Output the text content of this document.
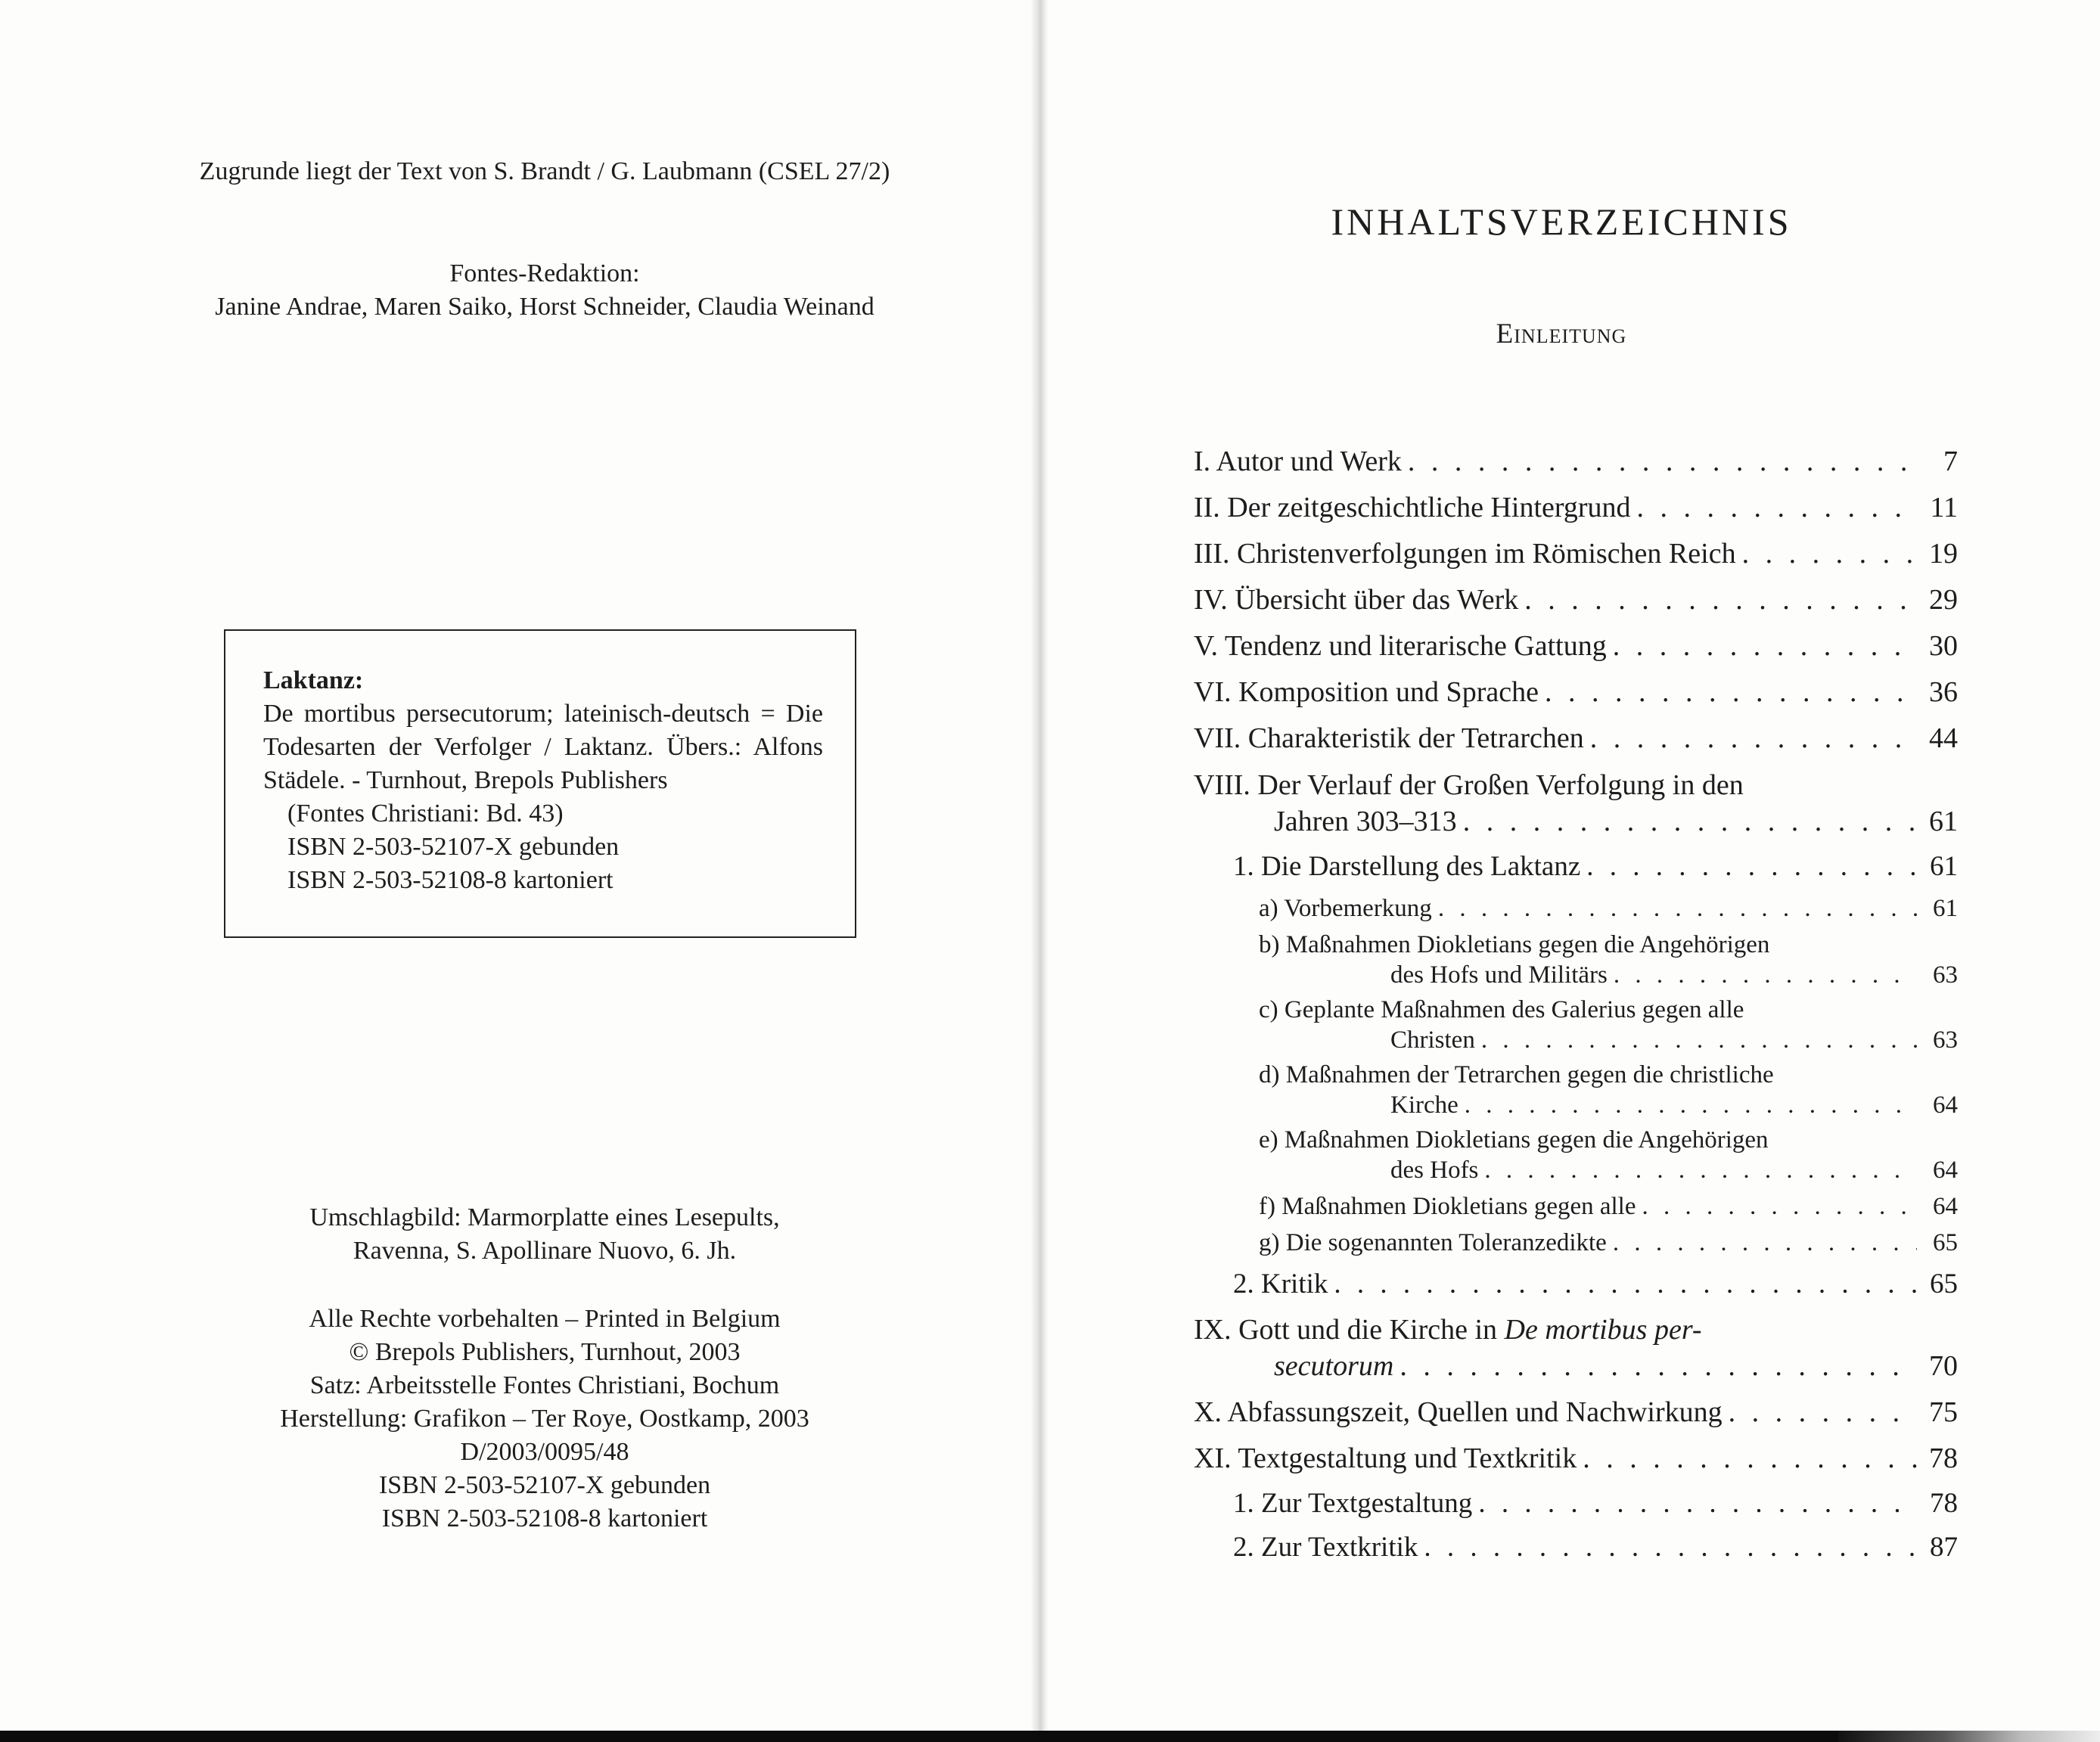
Zugrunde liegt der Text von S. Brandt / G. Laubmann (CSEL 27/2)
Fontes-Redaktion:
Janine Andrae, Maren Saiko, Horst Schneider, Claudia Weinand
Laktanz:
De mortibus persecutorum; lateinisch-deutsch = Die Todesarten der Verfolger / Laktanz. Übers.: Alfons Städele. - Turnhout, Brepols Publishers
(Fontes Christiani: Bd. 43)
ISBN 2-503-52107-X gebunden
ISBN 2-503-52108-8 kartoniert
Umschlagbild: Marmorplatte eines Lesepults,
Ravenna, S. Apollinare Nuovo, 6. Jh.
Alle Rechte vorbehalten – Printed in Belgium
© Brepols Publishers, Turnhout, 2003
Satz: Arbeitsstelle Fontes Christiani, Bochum
Herstellung: Grafikon – Ter Roye, Oostkamp, 2003
D/2003/0095/48
ISBN 2-503-52107-X gebunden
ISBN 2-503-52108-8 kartoniert
INHALTSVERZEICHNIS
Einleitung
I. Autor und Werk . . .	7
II. Der zeitgeschichtliche Hintergrund . . .	11
III. Christenverfolgungen im Römischen Reich . . .	19
IV. Übersicht über das Werk . . .	29
V. Tendenz und literarische Gattung . . .	30
VI. Komposition und Sprache . . .	36
VII. Charakteristik der Tetrarchen . . .	44
VIII. Der Verlauf der Großen Verfolgung in den
Jahren 303–313 . . .	61
1. Die Darstellung des Laktanz . . .	61
a) Vorbemerkung . . .	61
b) Maßnahmen Diokletians gegen die Angehörigen
des Hofs und Militärs . . .	63
c) Geplante Maßnahmen des Galerius gegen alle
Christen . . .	63
d) Maßnahmen der Tetrarchen gegen die christliche
Kirche . . .	64
e) Maßnahmen Diokletians gegen die Angehörigen
des Hofs . . .	64
f) Maßnahmen Diokletians gegen alle . . .	64
g) Die sogenannten Toleranzedikte . . .	65
2. Kritik . . .	65
IX. Gott und die Kirche in De mortibus per-
secutorum . . .	70
X. Abfassungszeit, Quellen und Nachwirkung . . .	75
XI. Textgestaltung und Textkritik . . .	78
1. Zur Textgestaltung . . .	78
2. Zur Textkritik . . .	87
